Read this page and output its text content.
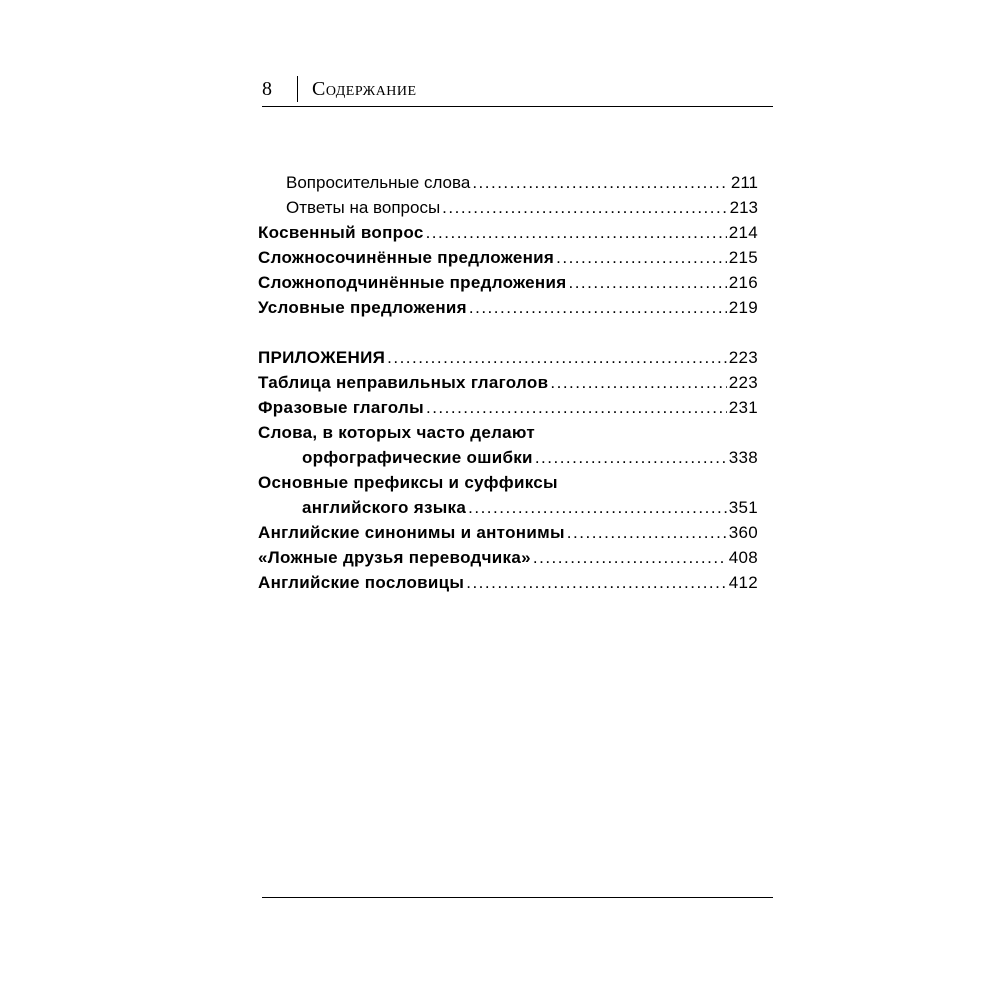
8 Содержание
Вопросительные слова .....	211
Ответы на вопросы .....	213
Косвенный вопрос .....	214
Сложносочинённые предложения .....	215
Сложноподчинённые предложения .....	216
Условные предложения .....	219
ПРИЛОЖЕНИЯ .....	223
Таблица неправильных глаголов .....	223
Фразовые глаголы .....	231
Слова, в которых часто делают
орфографические ошибки .....	338
Основные префиксы и суффиксы
английского языка .....	351
Английские синонимы и антонимы .....	360
«Ложные друзья переводчика» .....	408
Английские пословицы .....	412
